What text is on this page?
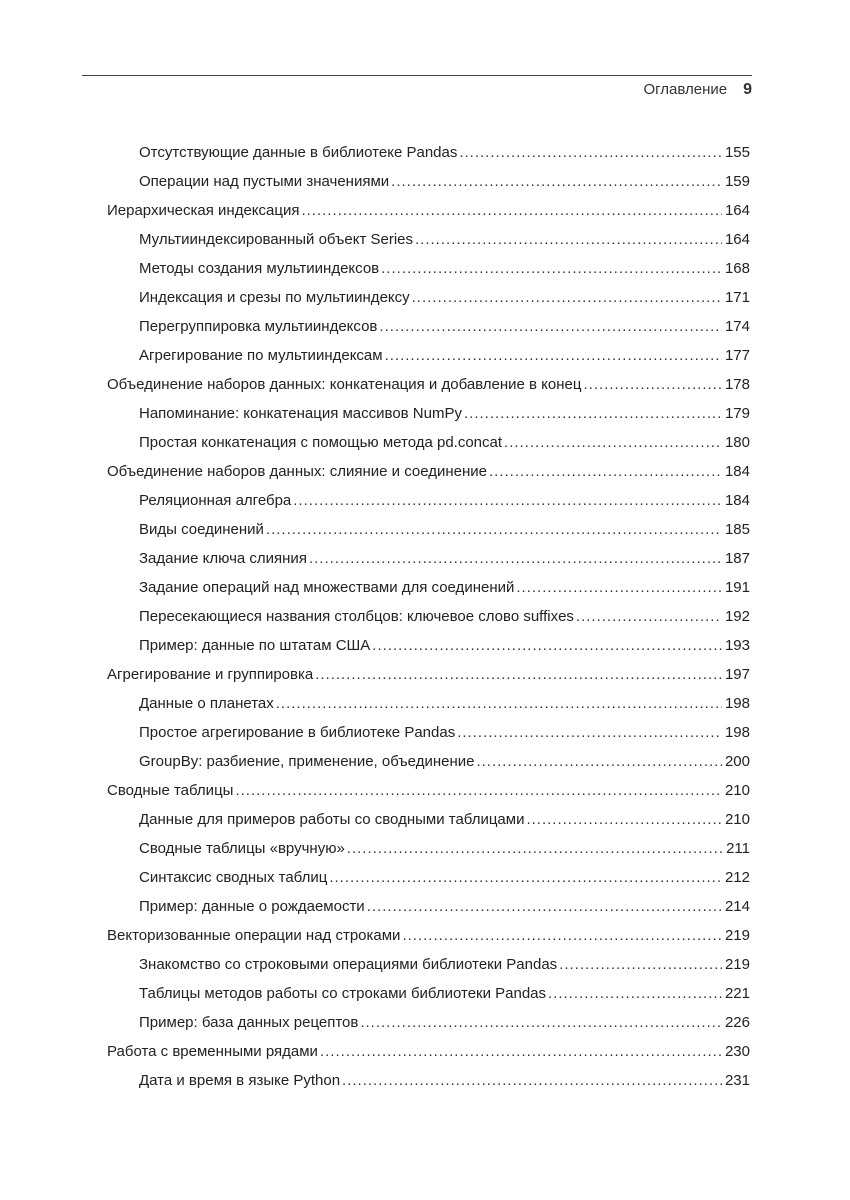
Оглавление 9
Отсутствующие данные в библиотеке Pandas .....	155
Операции над пустыми значениями .....	159
Иерархическая индексация .....	164
Мультииндексированный объект Series .....	164
Методы создания мультииндексов .....	168
Индексация и срезы по мультииндексу .....	171
Перегруппировка мультииндексов .....	174
Агрегирование по мультииндексам .....	177
Объединение наборов данных: конкатенация и добавление в конец .....	178
Напоминание: конкатенация массивов NumPy .....	179
Простая конкатенация с помощью метода pd.concat .....	180
Объединение наборов данных: слияние и соединение .....	184
Реляционная алгебра .....	184
Виды соединений .....	185
Задание ключа слияния .....	187
Задание операций над множествами для соединений .....	191
Пересекающиеся названия столбцов: ключевое слово suffixes .....	192
Пример: данные по штатам США .....	193
Агрегирование и группировка .....	197
Данные о планетах .....	198
Простое агрегирование в библиотеке Pandas .....	198
GroupBy: разбиение, применение, объединение .....	200
Сводные таблицы .....	210
Данные для примеров работы со сводными таблицами .....	210
Сводные таблицы «вручную» .....	211
Синтаксис сводных таблиц .....	212
Пример: данные о рождаемости .....	214
Векторизованные операции над строками .....	219
Знакомство со строковыми операциями библиотеки Pandas .....	219
Таблицы методов работы со строками библиотеки Pandas .....	221
Пример: база данных рецептов .....	226
Работа с временными рядами .....	230
Дата и время в языке Python .....	231
